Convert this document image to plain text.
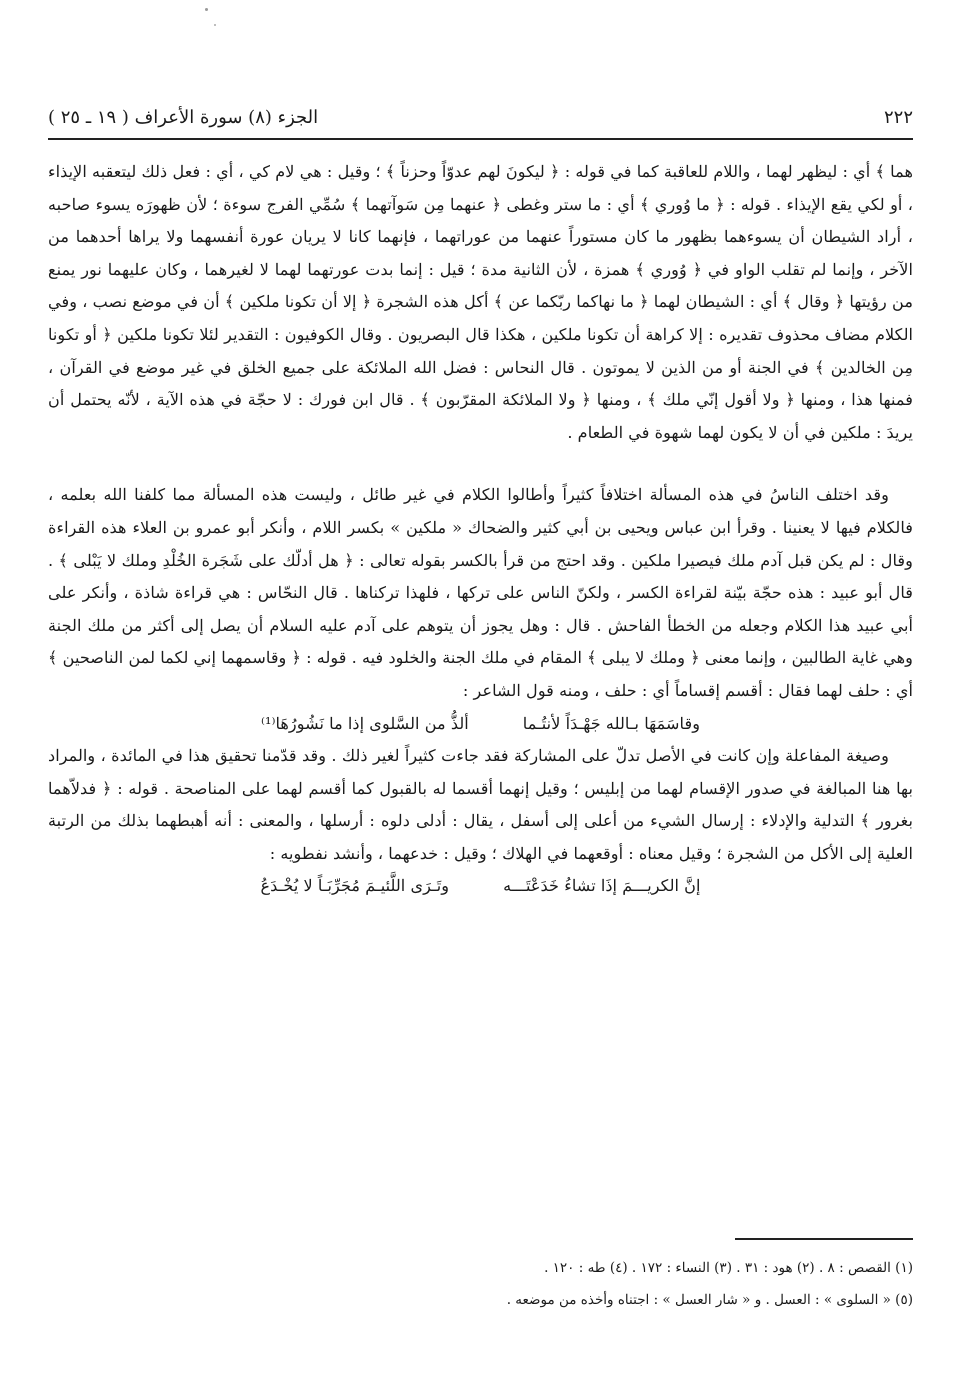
٢٢٢
الجزء (٨) سورة الأعراف ( ١٩ ـ ٢٥ )

هما ﴾ أي : ليظهر لهما ، واللام للعاقبة كما في قوله : ﴿ ليكونَ لهم عدوّاً وحزناً ﴾ ؛ وقيل : هي لام كي ، أي : فعل ذلك ليتعقبه الإيذاء ، أو لكي يقع الإيذاء . قوله : ﴿ ما وُوري ﴾ أي : ما ستر وغطى ﴿ عنهما مِن سَوآتهما ﴾ سُمِّي الفرج سوءة ؛ لأن ظهورَه يسوء صاحبه ، أراد الشيطان أن يسوءهما بظهور ما كان مستوراً عنهما من عوراتهما ، فإنهما كانا لا يريان عورة أنفسهما ولا يراها أحدهما من الآخر ، وإنما لم تقلب الواو في ﴿ وُوري ﴾ همزة ، لأن الثانية مدة ؛ قيل : إنما بدت عورتهما لهما لا لغيرهما ، وكان عليهما نور يمنع من رؤيتها ﴿ وقال ﴾ أي : الشيطان لهما ﴿ ما نهاكما ربّكما عن ﴾ أكل هذه الشجرة ﴿ إلا أن تكونا ملكين ﴾ أن في موضع نصب ، وفي الكلام مضاف محذوف تقديره : إلا كراهة أن تكونا ملكين ، هكذا قال البصريون . وقال الكوفيون : التقدير لئلا تكونا ملكين ﴿ أو تكونا مِن الخالدين ﴾ في الجنة أو من الذين لا يموتون . قال النحاس : فضل الله الملائكة على جميع الخلق في غير موضع في القرآن ، فمنها هذا ، ومنها ﴿ ولا أقول إنّي ملك ﴾ ، ومنها ﴿ ولا الملائكة المقرّبون ﴾ . قال ابن فورك : لا حجّة في هذه الآية ، لأنّه يحتمل أن يريدَ : ملكين في أن لا يكون لهما شهوة في الطعام .

وقد اختلف الناسُ في هذه المسألة اختلافاً كثيراً وأطالوا الكلام في غير طائل ، وليست هذه المسألة مما كلفنا الله بعلمه ، فالكلام فيها لا يعنينا . وقرأ ابن عباس ويحيى بن أبي كثير والضحاك « ملكين » بكسر اللام ، وأنكر أبو عمرو بن العلاء هذه القراءة وقال : لم يكن قبل آدم ملك فيصيرا ملكين . وقد احتج من قرأ بالكسر بقوله تعالى : ﴿ هل أدلّك على شَجَرة الخُلْدِ وملك لا يَبْلى ﴾ . قال أبو عبيد : هذه حجّة بيّنة لقراءة الكسر ، ولكنّ الناس على تركها ، فلهذا تركناها . قال النحّاس : هي قراءة شاذة ، وأنكر على أبي عبيد هذا الكلام وجعله من الخطأ الفاحش . قال : وهل يجوز أن يتوهم على آدم عليه السلام أن يصل إلى أكثر من ملك الجنة وهي غاية الطالبين ، وإنما معنى ﴿ وملك لا يبلى ﴾ المقام في ملك الجنة والخلود فيه . قوله : ﴿ وقاسمهما إني لكما لمن الناصحين ﴾ أي : حلف لهما فقال : أقسم إقساماً أي : حلف ، ومنه قول الشاعر :

وقاسَمَهَا بـالله جَهْـدَاً لأنتُـما
ألذُّ من السَّلوى إذا ما نَشُورُهَا⁽¹⁾

وصيغة المفاعلة وإن كانت في الأصل تدلّ على المشاركة فقد جاءت كثيراً لغير ذلك . وقد قدّمنا تحقيق هذا في المائدة ، والمراد بها هنا المبالغة في صدور الإقسام لهما من إبليس ؛ وقيل إنهما أقسما له بالقبول كما أقسم لهما على المناصحة . قوله : ﴿ فدلاّهما بغرور ﴾ التدلية والإدلاء : إرسال الشيء من أعلى إلى أسفل ، يقال : أدلى دلوه : أرسلها ، والمعنى : أنه أهبطهما بذلك من الرتبة العلية إلى الأكل من الشجرة ؛ وقيل معناه : أوقعهما في الهلاك ؛ وقيل : خدعهما ، وأنشد نفطويه :

إنَّ الكريـــمَ إذَا تشاءُ خَدَعْتَـــه
وتَـرَى اللَّئيـمَ مُجَرِّبَـاً لا يُخْـدَعُ
(١) القصص : ٨ . (٢) هود : ٣١ . (٣) النساء : ١٧٢ . (٤) طه : ١٢٠ .
(٥) « السلوى » : العسل . و « شار العسل » : اجتناه وأخذه من موضعه .
